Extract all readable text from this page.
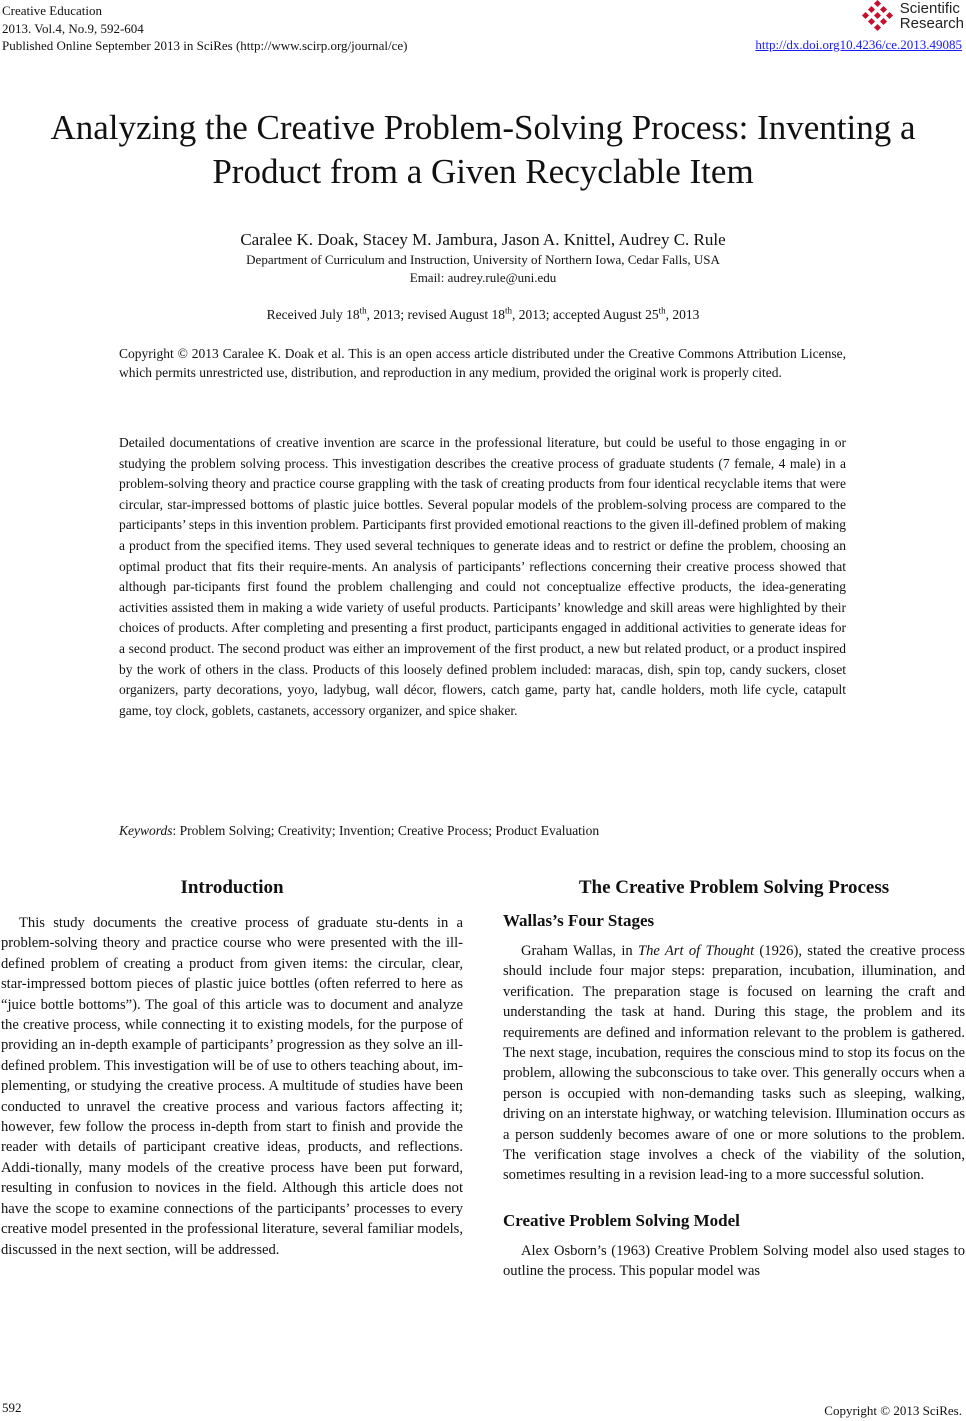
Creative Education
2013. Vol.4, No.9, 592-604
Published Online September 2013 in SciRes (http://www.scirp.org/journal/ce)
Scientific
Research
http://dx.doi.org10.4236/ce.2013.49085
Analyzing the Creative Problem-Solving Process: Inventing a
Product from a Given Recyclable Item
Caralee K. Doak, Stacey M. Jambura, Jason A. Knittel, Audrey C. Rule
Department of Curriculum and Instruction, University of Northern Iowa, Cedar Falls, USA
Email: audrey.rule@uni.edu
Received July 18th, 2013; revised August 18th, 2013; accepted August 25th, 2013
Copyright © 2013 Caralee K. Doak et al. This is an open access article distributed under the Creative Commons Attribution License, which permits unrestricted use, distribution, and reproduction in any medium, provided the original work is properly cited.
Detailed documentations of creative invention are scarce in the professional literature, but could be useful to those engaging in or studying the problem solving process. This investigation describes the creative process of graduate students (7 female, 4 male) in a problem-solving theory and practice course grappling with the task of creating products from four identical recyclable items that were circular, star-impressed bottoms of plastic juice bottles. Several popular models of the problem-solving process are compared to the participants’ steps in this invention problem. Participants first provided emotional reactions to the given ill-defined problem of making a product from the specified items. They used several techniques to generate ideas and to restrict or define the problem, choosing an optimal product that fits their require-ments. An analysis of participants’ reflections concerning their creative process showed that although par-ticipants first found the problem challenging and could not conceptualize effective products, the idea-generating activities assisted them in making a wide variety of useful products. Participants’ knowledge and skill areas were highlighted by their choices of products. After completing and presenting a first product, participants engaged in additional activities to generate ideas for a second product. The second product was either an improvement of the first product, a new but related product, or a product inspired by the work of others in the class. Products of this loosely defined problem included: maracas, dish, spin top, candy suckers, closet organizers, party decorations, yoyo, ladybug, wall décor, flowers, catch game, party hat, candle holders, moth life cycle, catapult game, toy clock, goblets, castanets, accessory organizer, and spice shaker.
Keywords: Problem Solving; Creativity; Invention; Creative Process; Product Evaluation
Introduction
This study documents the creative process of graduate stu-dents in a problem-solving theory and practice course who were presented with the ill-defined problem of creating a product from given items: the circular, clear, star-impressed bottom pieces of plastic juice bottles (often referred to here as “juice bottle bottoms”). The goal of this article was to document and analyze the creative process, while connecting it to existing models, for the purpose of providing an in-depth example of participants’ progression as they solve an ill-defined problem. This investigation will be of use to others teaching about, im-plementing, or studying the creative process. A multitude of studies have been conducted to unravel the creative process and various factors affecting it; however, few follow the process in-depth from start to finish and provide the reader with details of participant creative ideas, products, and reflections. Addi-tionally, many models of the creative process have been put forward, resulting in confusion to novices in the field. Although this article does not have the scope to examine connections of the participants’ processes to every creative model presented in the professional literature, several familiar models, discussed in the next section, will be addressed.
The Creative Problem Solving Process
Wallas’s Four Stages
Graham Wallas, in The Art of Thought (1926), stated the creative process should include four major steps: preparation, incubation, illumination, and verification. The preparation stage is focused on learning the craft and understanding the task at hand. During this stage, the problem and its requirements are defined and information relevant to the problem is gathered. The next stage, incubation, requires the conscious mind to stop its focus on the problem, allowing the subconscious to take over. This generally occurs when a person is occupied with non-demanding tasks such as sleeping, walking, driving on an interstate highway, or watching television. Illumination occurs as a person suddenly becomes aware of one or more solutions to the problem. The verification stage involves a check of the viability of the solution, sometimes resulting in a revision lead-ing to a more successful solution.
Creative Problem Solving Model
Alex Osborn’s (1963) Creative Problem Solving model also used stages to outline the process. This popular model was
592	Copyright © 2013 SciRes.
